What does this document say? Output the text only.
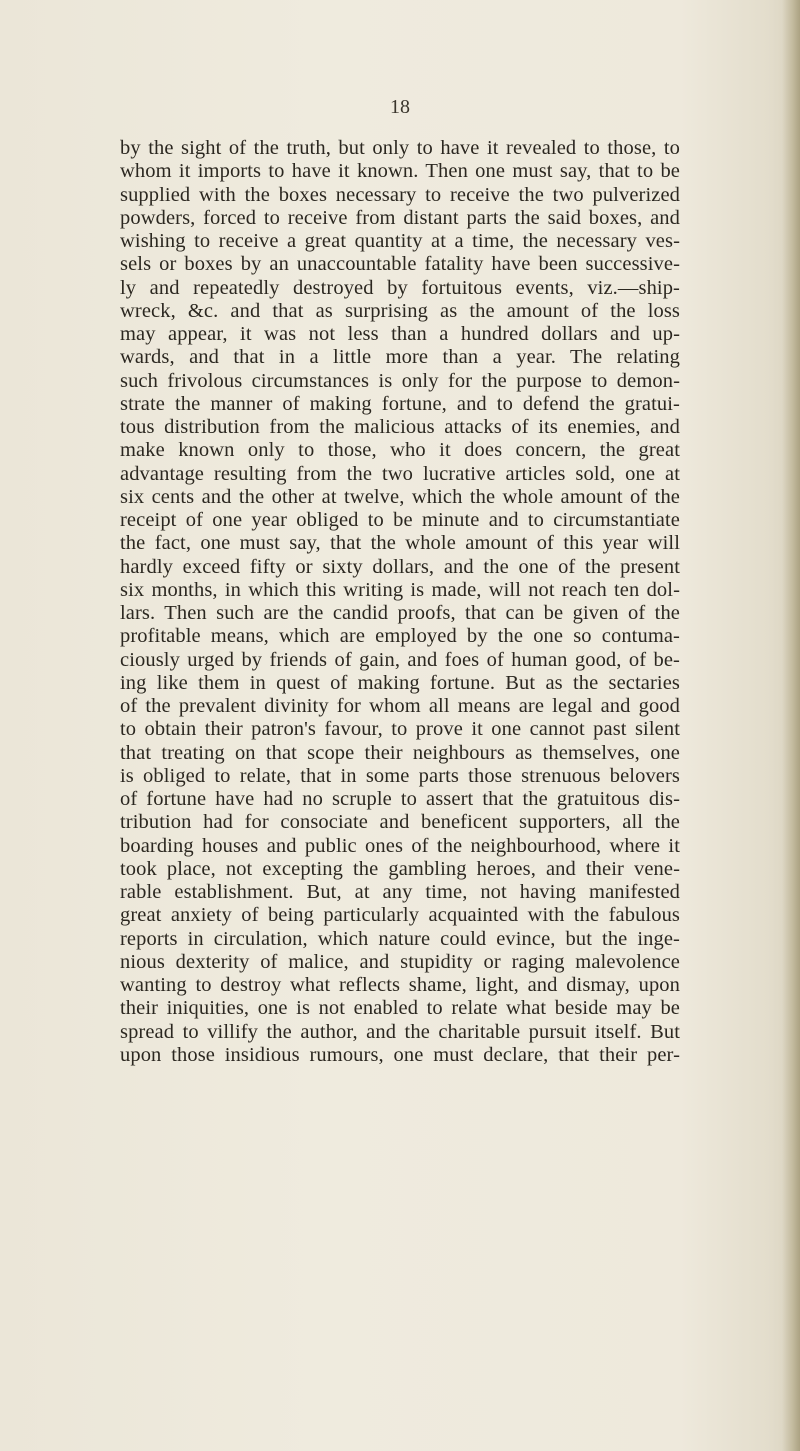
18
by the sight of the truth, but only to have it revealed to those, to
whom it imports to have it known. Then one must say, that to be
supplied with the boxes necessary to receive the two pulverized
powders, forced to receive from distant parts the said boxes, and
wishing to receive a great quantity at a time, the necessary ves-
sels or boxes by an unaccountable fatality have been successive-
ly and repeatedly destroyed by fortuitous events, viz.—ship-
wreck, &c. and that as surprising as the amount of the loss
may appear, it was not less than a hundred dollars and up-
wards, and that in a little more than a year. The relating
such frivolous circumstances is only for the purpose to demon-
strate the manner of making fortune, and to defend the gratui-
tous distribution from the malicious attacks of its enemies, and
make known only to those, who it does concern, the great
advantage resulting from the two lucrative articles sold, one at
six cents and the other at twelve, which the whole amount of the
receipt of one year obliged to be minute and to circumstantiate
the fact, one must say, that the whole amount of this year will
hardly exceed fifty or sixty dollars, and the one of the present
six months, in which this writing is made, will not reach ten dol-
lars. Then such are the candid proofs, that can be given of the
profitable means, which are employed by the one so contuma-
ciously urged by friends of gain, and foes of human good, of be-
ing like them in quest of making fortune. But as the sectaries
of the prevalent divinity for whom all means are legal and good
to obtain their patron's favour, to prove it one cannot past silent
that treating on that scope their neighbours as themselves, one
is obliged to relate, that in some parts those strenuous belovers
of fortune have had no scruple to assert that the gratuitous dis-
tribution had for consociate and beneficent supporters, all the
boarding houses and public ones of the neighbourhood, where it
took place, not excepting the gambling heroes, and their vene-
rable establishment. But, at any time, not having manifested
great anxiety of being particularly acquainted with the fabulous
reports in circulation, which nature could evince, but the inge-
nious dexterity of malice, and stupidity or raging malevolence
wanting to destroy what reflects shame, light, and dismay, upon
their iniquities, one is not enabled to relate what beside may be
spread to villify the author, and the charitable pursuit itself. But
upon those insidious rumours, one must declare, that their per-
